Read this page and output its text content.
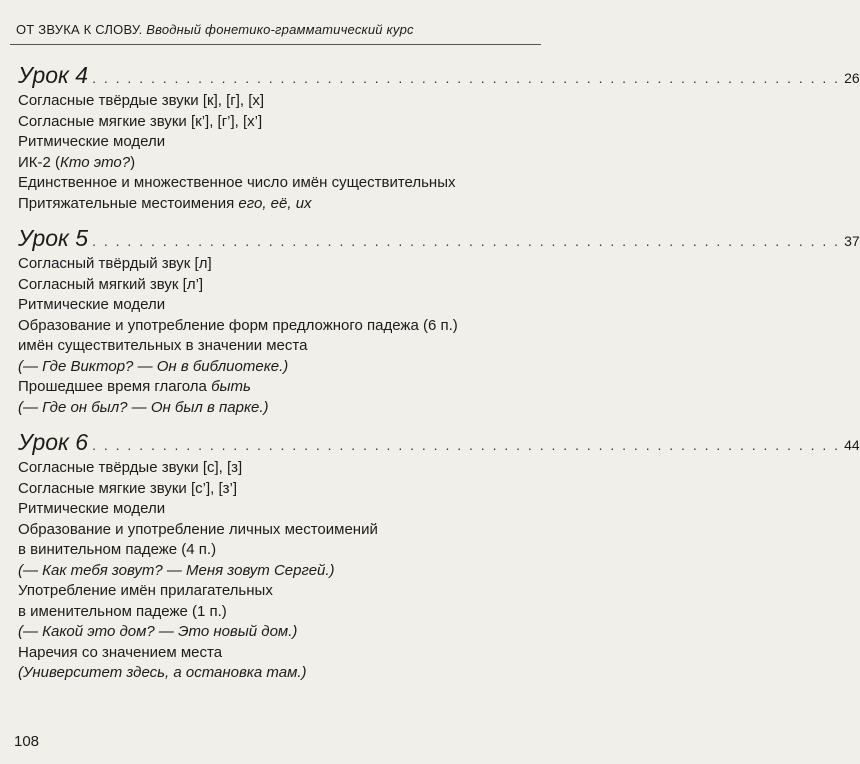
ОТ ЗВУКА К СЛОВУ. Вводный фонетико-грамматический курс
Урок 4 . . . . . . . . . . . . . . . . . . . . . . . . . . . . . . . . . . . . . . . . . . . . . . . . . . . . . . . . . . . . . . . . 26
Согласные твёрдые звуки [к], [г], [х]
Согласные мягкие звуки [к’], [г’], [х’]
Ритмические модели
ИК-2 (Кто это?)
Единственное и множественное число имён существительных
Притяжательные местоимения его, её, их
Урок 5 . . . . . . . . . . . . . . . . . . . . . . . . . . . . . . . . . . . . . . . . . . . . . . . . . . . . . . . . . . . . . . . . 37
Согласный твёрдый звук [л]
Согласный мягкий звук [л’]
Ритмические модели
Образование и употребление форм предложного падежа (6 п.)
имён существительных в значении места
(— Где Виктор? — Он в библиотеке.)
Прошедшее время глагола быть
(— Где он был? — Он был в парке.)
Урок 6 . . . . . . . . . . . . . . . . . . . . . . . . . . . . . . . . . . . . . . . . . . . . . . . . . . . . . . . . . . . . . . . . 44
Согласные твёрдые звуки [с], [з]
Согласные мягкие звуки [с’], [з’]
Ритмические модели
Образование и употребление личных местоимений
в винительном падеже (4 п.)
(— Как тебя зовут? — Меня зовут Сергей.)
Употребление имён прилагательных
в именительном падеже (1 п.)
(— Какой это дом? — Это новый дом.)
Наречия со значением места
(Университет здесь, а остановка там.)
108
